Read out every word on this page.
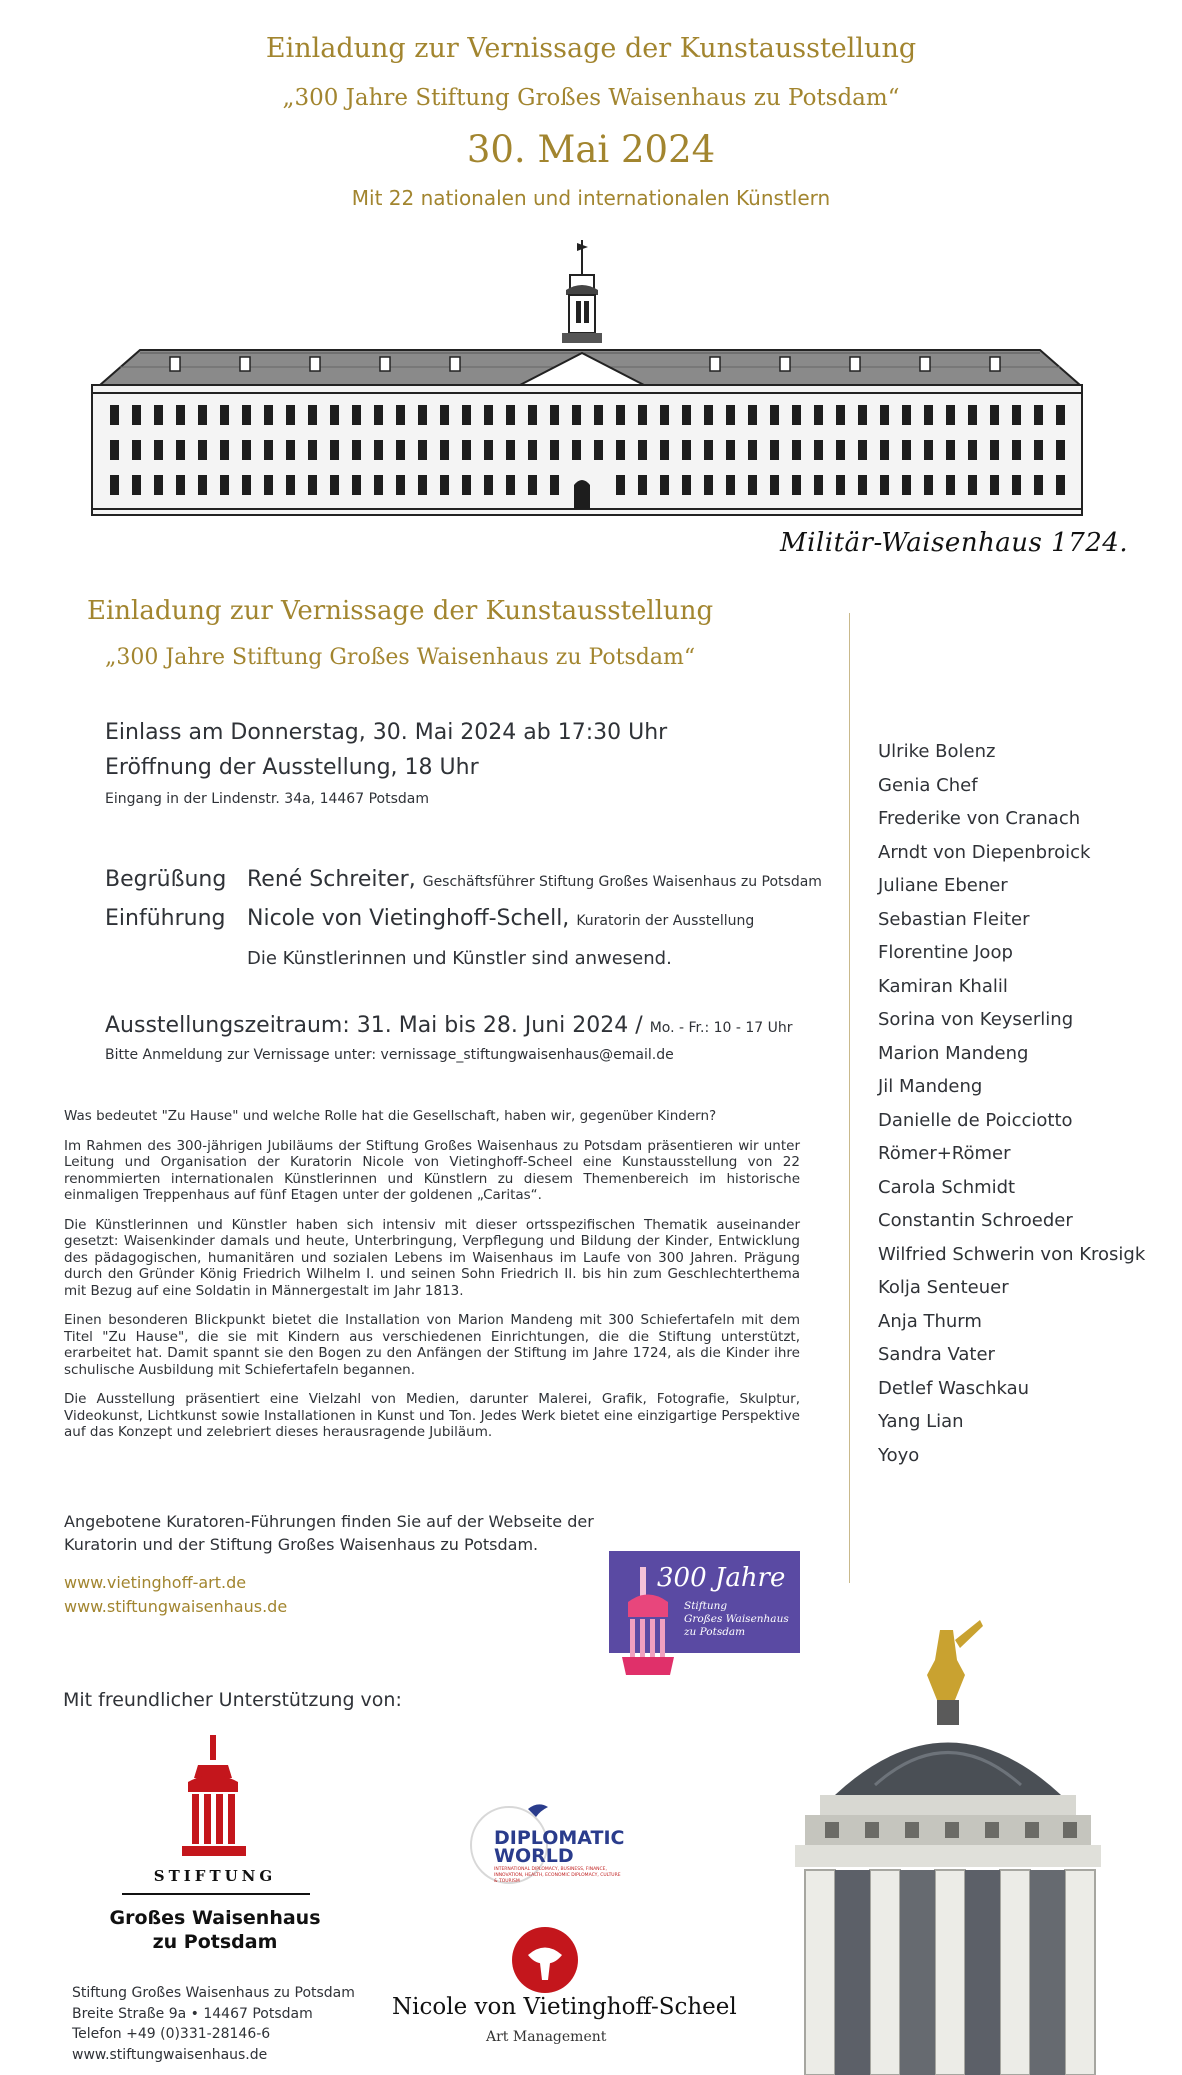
Einladung zur Vernissage der Kunstausstellung
„300 Jahre Stiftung Großes Waisenhaus zu Potsdam“
30. Mai 2024
Mit 22 nationalen und internationalen Künstlern
Militär-Waisenhaus 1724.
Einladung zur Vernissage der Kunstausstellung
„300 Jahre Stiftung Großes Waisenhaus zu Potsdam“
Einlass am Donnerstag, 30. Mai 2024 ab 17:30 Uhr
Eröffnung der Ausstellung, 18 Uhr
Eingang in der Lindenstr. 34a, 14467 Potsdam
Begrüßung René Schreiter, Geschäftsführer Stiftung Großes Waisenhaus zu Potsdam
Einführung Nicole von Vietinghoff-Schell, Kuratorin der Ausstellung
Die Künstlerinnen und Künstler sind anwesend.
Ausstellungszeitraum: 31. Mai bis 28. Juni 2024 / Mo. - Fr.: 10 - 17 Uhr
Bitte Anmeldung zur Vernissage unter: vernissage_stiftungwaisenhaus@email.de

Was bedeutet "Zu Hause" und welche Rolle hat die Gesellschaft, haben wir, gegenüber Kindern?

Im Rahmen des 300-jährigen Jubiläums der Stiftung Großes Waisenhaus zu Potsdam präsentieren wir unter Leitung und Organisation der Kuratorin Nicole von Vietinghoff-Scheel eine Kunstausstellung von 22 renommierten internationalen Künstlerinnen und Künstlern zu diesem Themenbereich im historische einmaligen Treppenhaus auf fünf Etagen unter der goldenen „Caritas“.

Die Künstlerinnen und Künstler haben sich intensiv mit dieser ortsspezifischen Thematik auseinander gesetzt: Waisenkinder damals und heute, Unterbringung, Verpflegung und Bildung der Kinder, Entwicklung des pädagogischen, humanitären und sozialen Lebens im Waisenhaus im Laufe von 300 Jahren. Prägung durch den Gründer König Friedrich Wilhelm I. und seinen Sohn Friedrich II. bis hin zum Geschlechterthema mit Bezug auf eine Soldatin in Männergestalt im Jahr 1813.

Einen besonderen Blickpunkt bietet die Installation von Marion Mandeng mit 300 Schiefertafeln mit dem Titel "Zu Hause", die sie mit Kindern aus verschiedenen Einrichtungen, die die Stiftung unterstützt, erarbeitet hat. Damit spannt sie den Bogen zu den Anfängen der Stiftung im Jahre 1724, als die Kinder ihre schulische Ausbildung mit Schiefertafeln begannen.

Die Ausstellung präsentiert eine Vielzahl von Medien, darunter Malerei, Grafik, Fotografie, Skulptur, Videokunst, Lichtkunst sowie Installationen in Kunst und Ton. Jedes Werk bietet eine einzigartige Perspektive auf das Konzept und zelebriert dieses herausragende Jubiläum.

Angebotene Kuratoren-Führungen finden Sie auf der Webseite der Kuratorin und der Stiftung Großes Waisenhaus zu Potsdam.
www.vietinghoff-art.de
www.stiftungwaisenhaus.de
Ulrike Bolenz
Genia Chef
Frederike von Cranach
Arndt von Diepenbroick
Juliane Ebener
Sebastian Fleiter
Florentine Joop
Kamiran Khalil
Sorina von Keyserling
Marion Mandeng
Jil Mandeng
Danielle de Poicciotto
Römer+Römer
Carola Schmidt
Constantin Schroeder
Wilfried Schwerin von Krosigk
Kolja Senteuer
Anja Thurm
Sandra Vater
Detlef Waschkau
Yang Lian
Yoyo
300 Jahre
Stiftung
Großes Waisenhaus
zu Potsdam
Mit freundlicher Unterstützung von:
STIFTUNG
Großes Waisenhaus
zu Potsdam
Stiftung Großes Waisenhaus zu Potsdam
Breite Straße 9a • 14467 Potsdam
Telefon +49 (0)331-28146-6
www.stiftungwaisenhaus.de
DIPLOMATIC
WORLD
INTERNATIONAL DIPLOMACY, BUSINESS, FINANCE, INNOVATION, HEALTH, ECONOMIC DIPLOMACY, CULTURE & TOURISM
Nicole von Vietinghoff-Scheel
Art Management
